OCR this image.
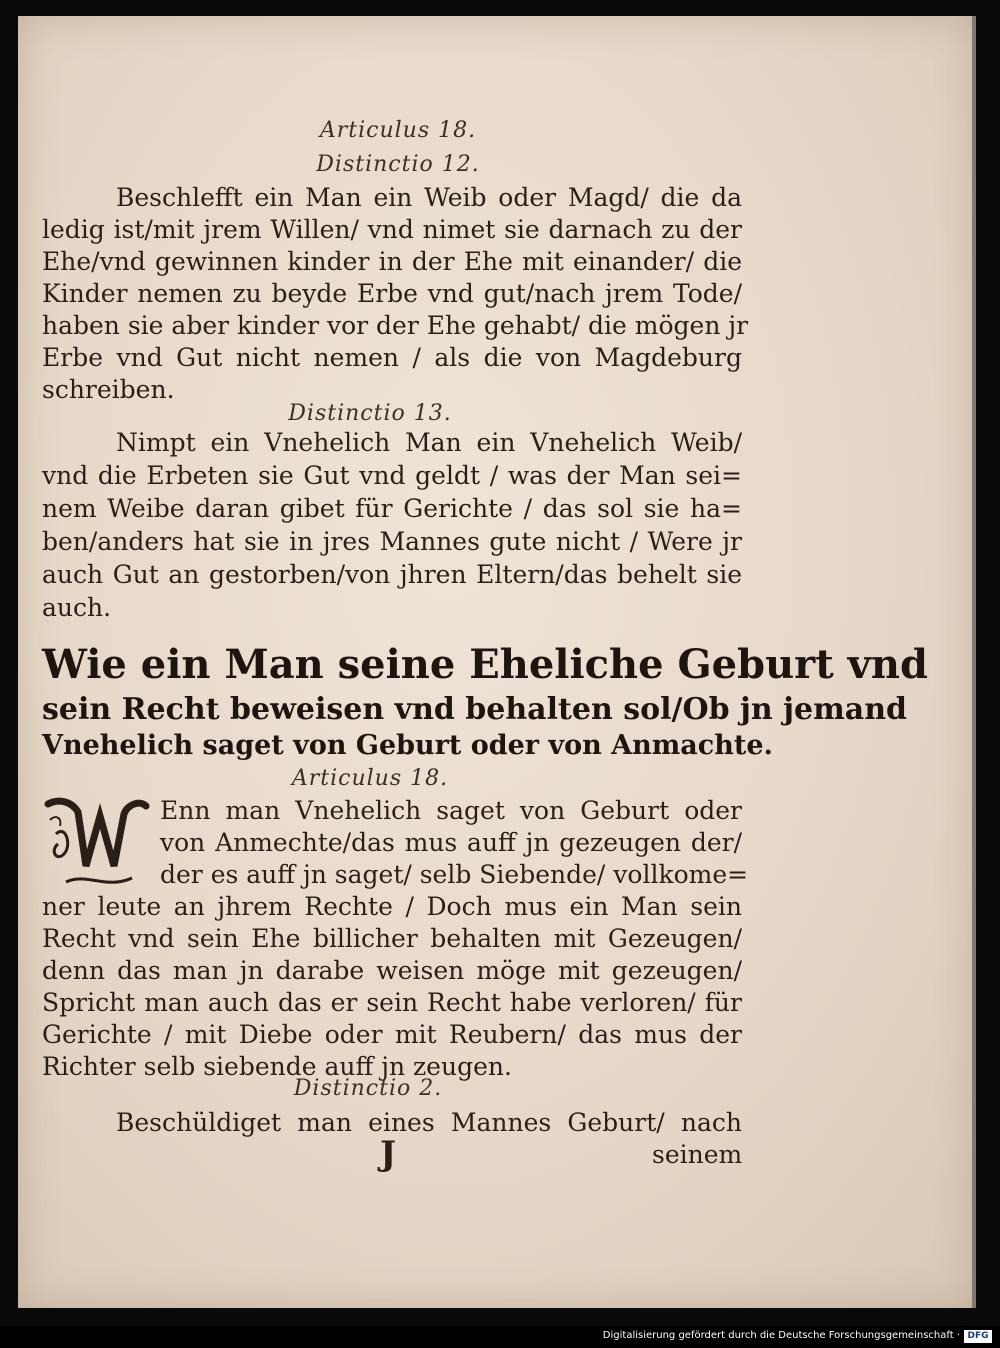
Articulus 18.
Distinctio 12.
Beschlefft ein Man ein Weib oder Magd/ die da
ledig ist/mit jrem Willen/ vnd nimet sie darnach zu der
Ehe/vnd gewinnen kinder in der Ehe mit einander/ die
Kinder nemen zu beyde Erbe vnd gut/nach jrem Tode/
haben sie aber kinder vor der Ehe gehabt/ die mögen jr
Erbe vnd Gut nicht nemen / als die von Magdeburg
schreiben.
Distinctio 13.
Nimpt ein Vnehelich Man ein Vnehelich Weib/
vnd die Erbeten sie Gut vnd geldt / was der Man sei=
nem Weibe daran gibet für Gerichte / das sol sie ha=
ben/anders hat sie in jres Mannes gute nicht / Were jr
auch Gut an gestorben/von jhren Eltern/das behelt sie
auch.
Wie ein Man seine Eheliche Geburt vnd
sein Recht beweisen vnd behalten sol/Ob jn jemand
Vnehelich saget von Geburt oder von Anmachte.
Articulus 18.
W
Enn man Vnehelich saget von Geburt oder
von Anmechte/das mus auff jn gezeugen der/
der es auff jn saget/ selb Siebende/ vollkome=
ner leute an jhrem Rechte / Doch mus ein Man sein
Recht vnd sein Ehe billicher behalten mit Gezeugen/
denn das man jn darabe weisen möge mit gezeugen/
Spricht man auch das er sein Recht habe verloren/ für
Gerichte / mit Diebe oder mit Reubern/ das mus der
Richter selb siebende auff jn zeugen.
Distinctio 2.
Beschüldiget man eines Mannes Geburt/ nach
J	seinem
Digitalisierung gefördert durch die Deutsche Forschungsgemeinschaft · DFG
